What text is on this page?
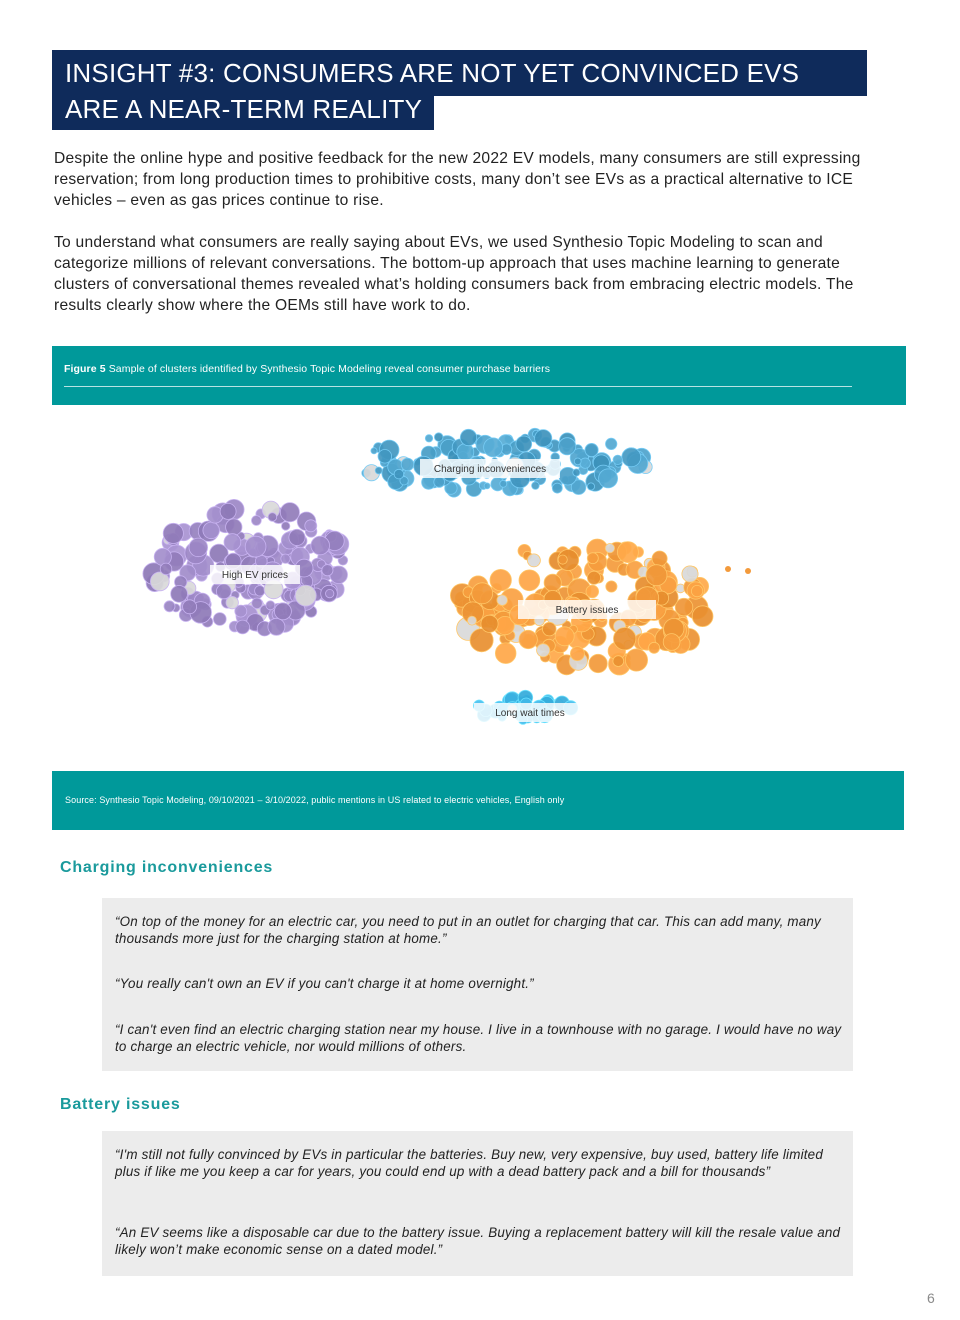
INSIGHT #3: CONSUMERS ARE NOT YET CONVINCED EVS
ARE A NEAR-TERM REALITY

Despite the online hype and positive feedback for the new 2022 EV models, many consumers are still expressing reservation; from long production times to prohibitive costs, many don’t see EVs as a practical alternative to ICE vehicles – even as gas prices continue to rise.

To understand what consumers are really saying about EVs, we used Synthesio Topic Modeling to scan and categorize millions of relevant conversations. The bottom-up approach that uses machine learning to generate clusters of conversational themes revealed what’s holding consumers back from embracing electric models. The results clearly show where the OEMs still have work to do.

Figure 5 Sample of clusters identified by Synthesio Topic Modeling reveal consumer purchase barriers
Charging inconveniences
High EV prices
Battery issues
Long wait times
Source: Synthesio Topic Modeling, 09/10/2021 – 3/10/2022, public mentions in US related to electric vehicles, English only
Charging inconveniences

“On top of the money for an electric car, you need to put in an outlet for charging that car. This can add many, many thousands more just for the charging station at home.”

“You really can't own an EV if you can't charge it at home overnight.”

“I can't even find an electric charging station near my house. I live in a townhouse with no garage. I would have no way to charge an electric vehicle, nor would millions of others.

Battery issues

“I'm still not fully convinced by EVs in particular the batteries. Buy new, very expensive, buy used, battery life limited plus if like me you keep a car for years, you could end up with a dead battery pack and a bill for thousands”

“An EV seems like a disposable car due to the battery issue. Buying a replacement battery will kill the resale value and likely won’t make economic sense on a dated model.”

6
